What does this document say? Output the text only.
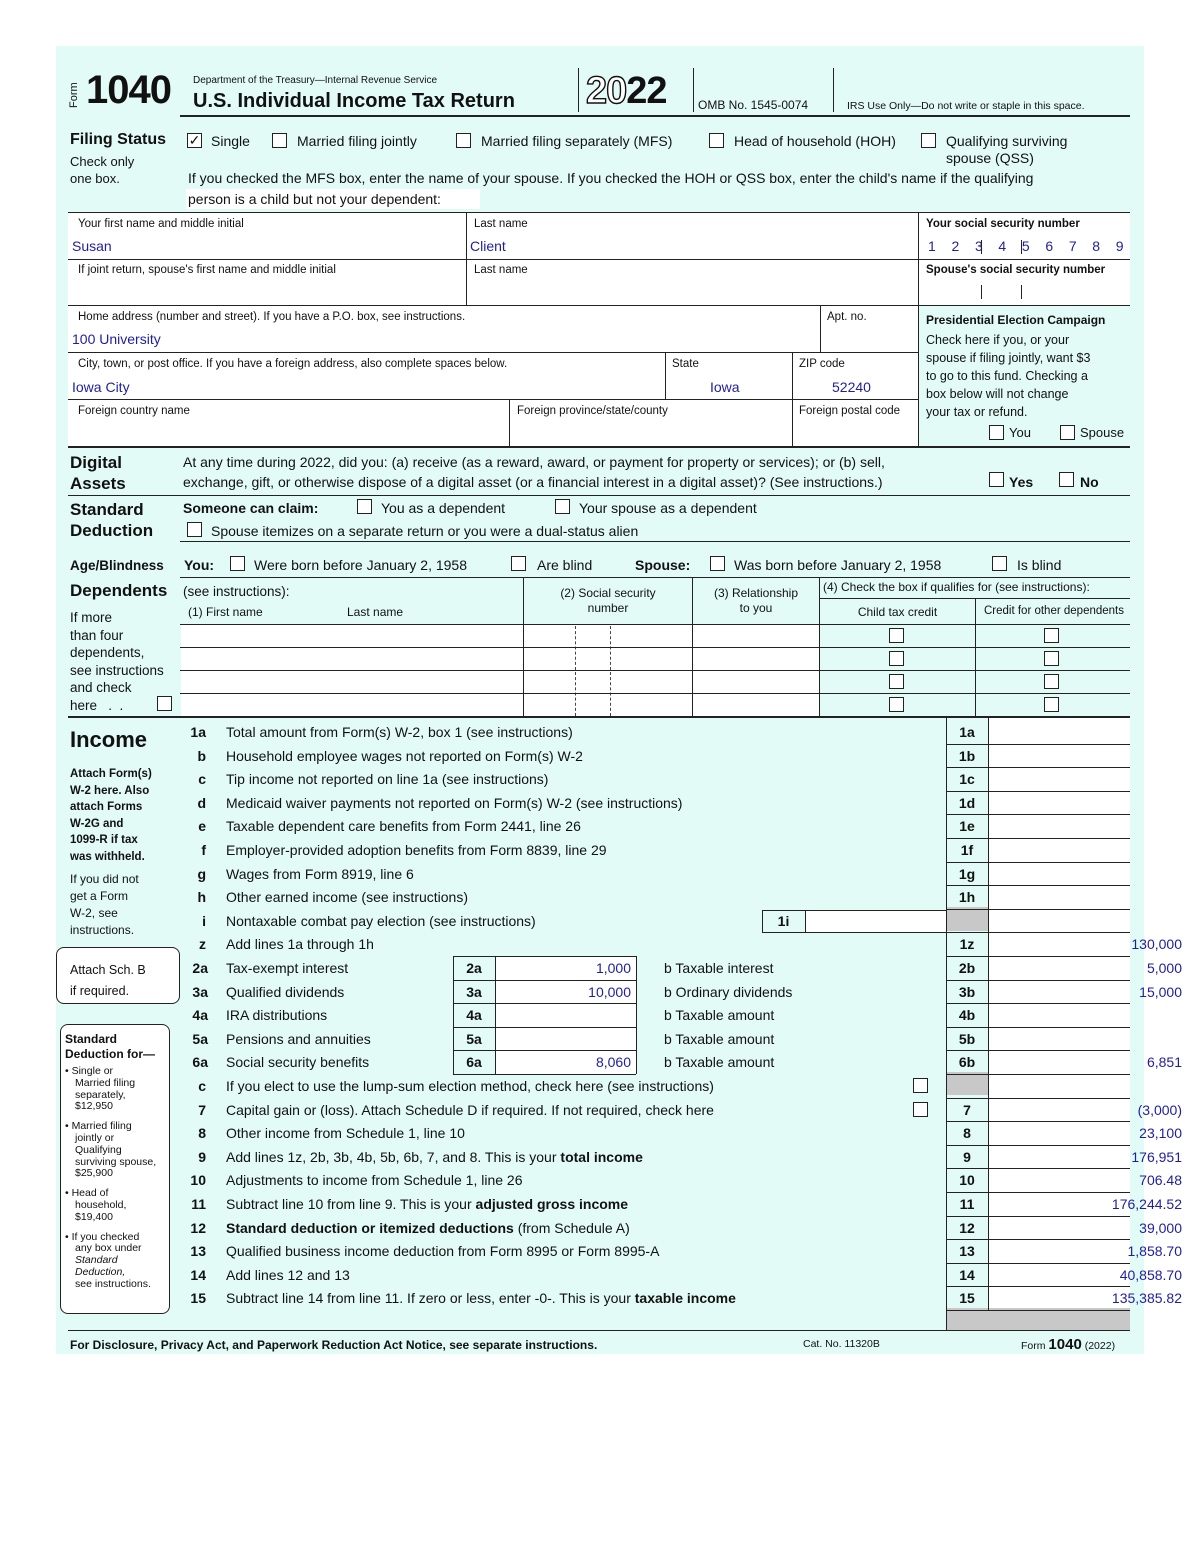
Form 1040 Department of the Treasury—Internal Revenue Service
U.S. Individual Income Tax Return 2022	OMB No. 1545-0074	IRS Use Only—Do not write or staple in this space.
Filing Status
Check only
one box.
✓ Single	Married filing jointly	Married filing separately (MFS)	Head of household (HOH)	Qualifying surviving
spouse (QSS)
If you checked the MFS box, enter the name of your spouse. If you checked the HOH or QSS box, enter the child's name if the qualifying
person is a child but not your dependent:
Your first name and middle initial
Susan
Last name
Client
Your social security number
1 2 3 4 5 6 7 8 9
If joint return, spouse's first name and middle initial	Last name	Spouse's social security number
Home address (number and street). If you have a P.O. box, see instructions.
100 University
Apt. no.
City, town, or post office. If you have a foreign address, also complete spaces below.
Iowa City
State
Iowa
ZIP code
52240
Foreign country name	Foreign province/state/county	Foreign postal code
Presidential Election Campaign
Check here if you, or your
spouse if filing jointly, want $3
to go to this fund. Checking a
box below will not change
your tax or refund.
You	Spouse
Digital
Assets
At any time during 2022, did you: (a) receive (as a reward, award, or payment for property or services); or (b) sell,
exchange, gift, or otherwise dispose of a digital asset (or a financial interest in a digital asset)? (See instructions.)	Yes	No
Standard
Deduction
Someone can claim:	You as a dependent	Your spouse as a dependent
Spouse itemizes on a separate return or you were a dual-status alien
Age/Blindness You:	Were born before January 2, 1958	Are blind	Spouse:	Was born before January 2, 1958	Is blind
Dependents
If more
than four
dependents,
see instructions
and check
here   .  .
(see instructions):
(1) First name	Last name
(2) Social security
number
(3) Relationship
to you
(4) Check the box if qualifies for (see instructions):
Child tax credit	Credit for other dependents
Income
Attach Form(s)
W-2 here. Also
attach Forms
W-2G and
1099-R if tax
was withheld.
If you did not
get a Form
W-2, see
instructions.
Attach Sch. B
if required.
Standard
Deduction for—
• Single or
Married filing
separately,
$12,950
• Married filing
jointly or
Qualifying
surviving spouse,
$25,900
• Head of
household,
$19,400
• If you checked
any box under
Standard
Deduction,
see instructions.
1a Total amount from Form(s) W-2, box 1 (see instructions)	1a
b Household employee wages not reported on Form(s) W-2	1b
c Tip income not reported on line 1a (see instructions)	1c
d Medicaid waiver payments not reported on Form(s) W-2 (see instructions)	1d
e Taxable dependent care benefits from Form 2441, line 26	1e
f Employer-provided adoption benefits from Form 8839, line 29	1f
g Wages from Form 8919, line 6	1g
h Other earned income (see instructions)	1h
i Nontaxable combat pay election (see instructions)
z Add lines 1a through 1h	1z	130,000
1i
2a Tax-exempt interest	2a	1,000 b Taxable interest	2b	5,000
3a Qualified dividends	3a	10,000 b Ordinary dividends	3b	15,000
4a IRA distributions	4a	b Taxable amount	4b
5a Pensions and annuities	5a	b Taxable amount	5b
6a Social security benefits	6a	8,060 b Taxable amount	6b	6,851
c If you elect to use the lump-sum election method, check here (see instructions)
7 Capital gain or (loss). Attach Schedule D if required. If not required, check here	7	(3,000)
8 Other income from Schedule 1, line 10	8	23,100
9 Add lines 1z, 2b, 3b, 4b, 5b, 6b, 7, and 8. This is your total income	9	176,951
10 Adjustments to income from Schedule 1, line 26	10	706.48
11 Subtract line 10 from line 9. This is your adjusted gross income	11	176,244.52
12 Standard deduction or itemized deductions (from Schedule A)	12	39,000
13 Qualified business income deduction from Form 8995 or Form 8995-A	13	1,858.70
14 Add lines 12 and 13	14	40,858.70
15 Subtract line 14 from line 11. If zero or less, enter -0-. This is your taxable income	15	135,385.82
For Disclosure, Privacy Act, and Paperwork Reduction Act Notice, see separate instructions.	Cat. No. 11320B	Form 1040 (2022)
